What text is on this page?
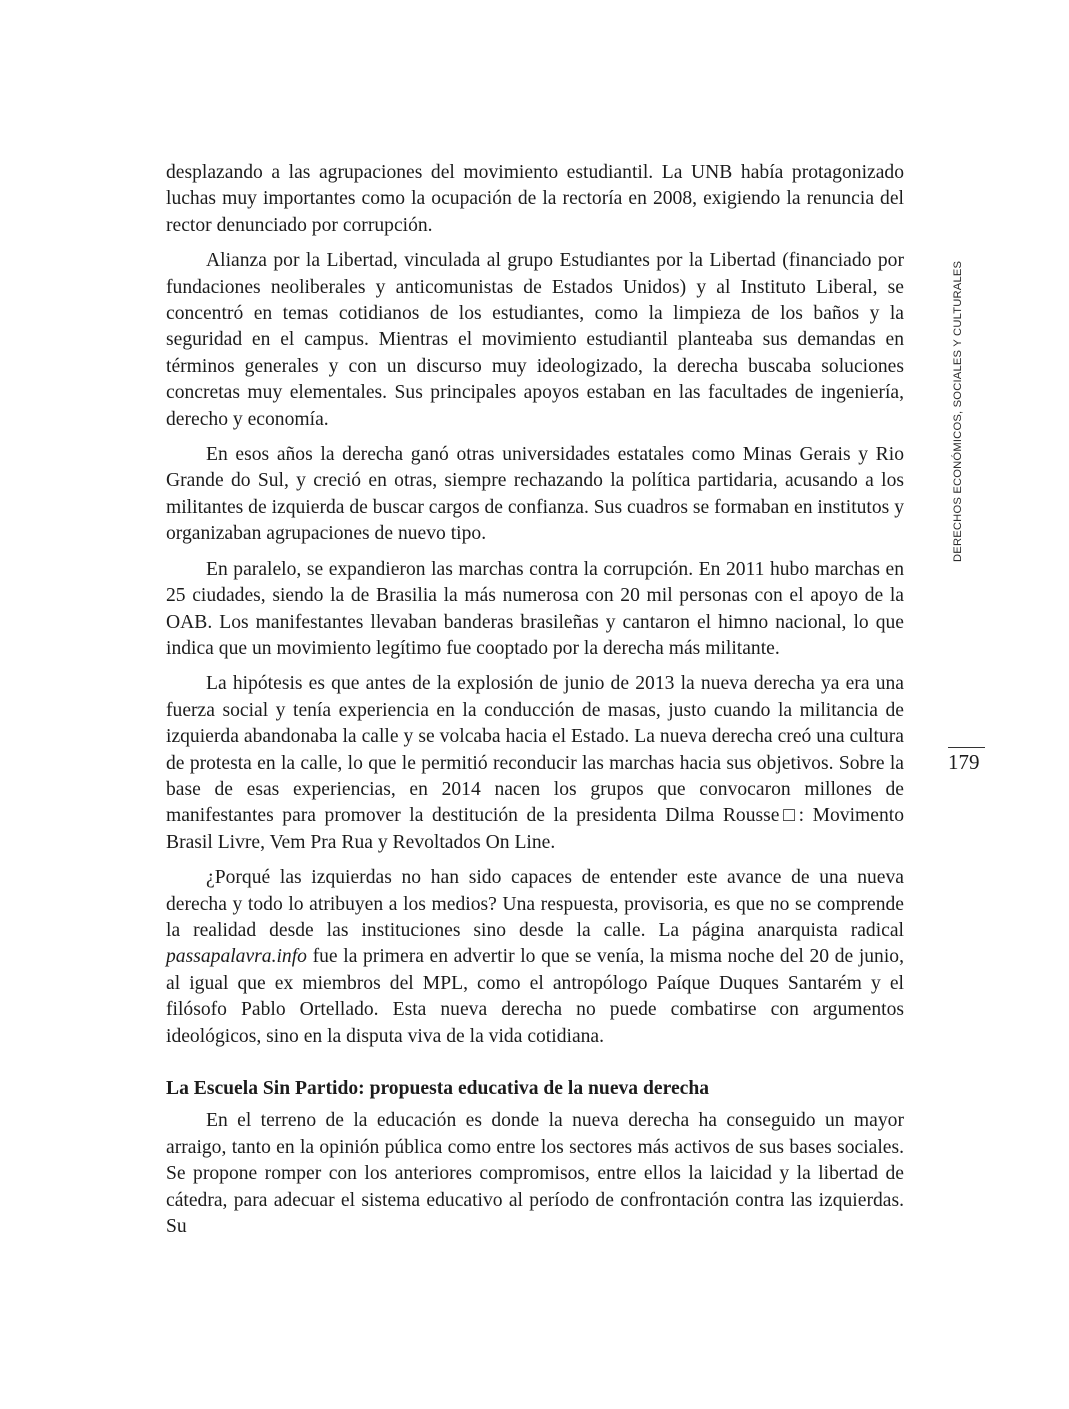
desplazando a las agrupaciones del movimiento estudiantil. La UNB había protagonizado luchas muy importantes como la ocupación de la rectoría en 2008, exigiendo la renuncia del rector denunciado por corrupción.

Alianza por la Libertad, vinculada al grupo Estudiantes por la Libertad (financiado por fundaciones neoliberales y anticomunistas de Estados Unidos) y al Instituto Liberal, se concentró en temas cotidianos de los estudiantes, como la limpieza de los baños y la seguridad en el campus. Mientras el movimiento estudiantil planteaba sus demandas en términos generales y con un discurso muy ideologizado, la derecha buscaba soluciones concretas muy elementales. Sus principales apoyos estaban en las facultades de ingeniería, derecho y economía.

En esos años la derecha ganó otras universidades estatales como Minas Gerais y Rio Grande do Sul, y creció en otras, siempre rechazando la política partidaria, acusando a los militantes de izquierda de buscar cargos de confianza. Sus cuadros se formaban en institutos y organizaban agrupaciones de nuevo tipo.

En paralelo, se expandieron las marchas contra la corrupción. En 2011 hubo marchas en 25 ciudades, siendo la de Brasilia la más numerosa con 20 mil personas con el apoyo de la OAB. Los manifestantes llevaban banderas brasileñas y cantaron el himno nacional, lo que indica que un movimiento legítimo fue cooptado por la derecha más militante.

La hipótesis es que antes de la explosión de junio de 2013 la nueva derecha ya era una fuerza social y tenía experiencia en la conducción de masas, justo cuando la militancia de izquierda abandonaba la calle y se volcaba hacia el Estado. La nueva derecha creó una cultura de protesta en la calle, lo que le permitió reconducir las marchas hacia sus objetivos. Sobre la base de esas experiencias, en 2014 nacen los grupos que convocaron millones de manifestantes para promover la destitución de la presidenta Dilma Rousse□: Movimento Brasil Livre, Vem Pra Rua y Revoltados On Line.

¿Porqué las izquierdas no han sido capaces de entender este avance de una nueva derecha y todo lo atribuyen a los medios? Una respuesta, provisoria, es que no se comprende la realidad desde las instituciones sino desde la calle. La página anarquista radical passapalavra.info fue la primera en advertir lo que se venía, la misma noche del 20 de junio, al igual que ex miembros del MPL, como el antropólogo Paíque Duques Santarém y el filósofo Pablo Ortellado. Esta nueva derecha no puede combatirse con argumentos ideológicos, sino en la disputa viva de la vida cotidiana.

La Escuela Sin Partido: propuesta educativa de la nueva derecha

En el terreno de la educación es donde la nueva derecha ha conseguido un mayor arraigo, tanto en la opinión pública como entre los sectores más activos de sus bases sociales. Se propone romper con los anteriores compromisos, entre ellos la laicidad y la libertad de cátedra, para adecuar el sistema educativo al período de confrontación contra las izquierdas. Su

DERECHOS ECONÓMICOS, SOCIALES Y CULTURALES
179
